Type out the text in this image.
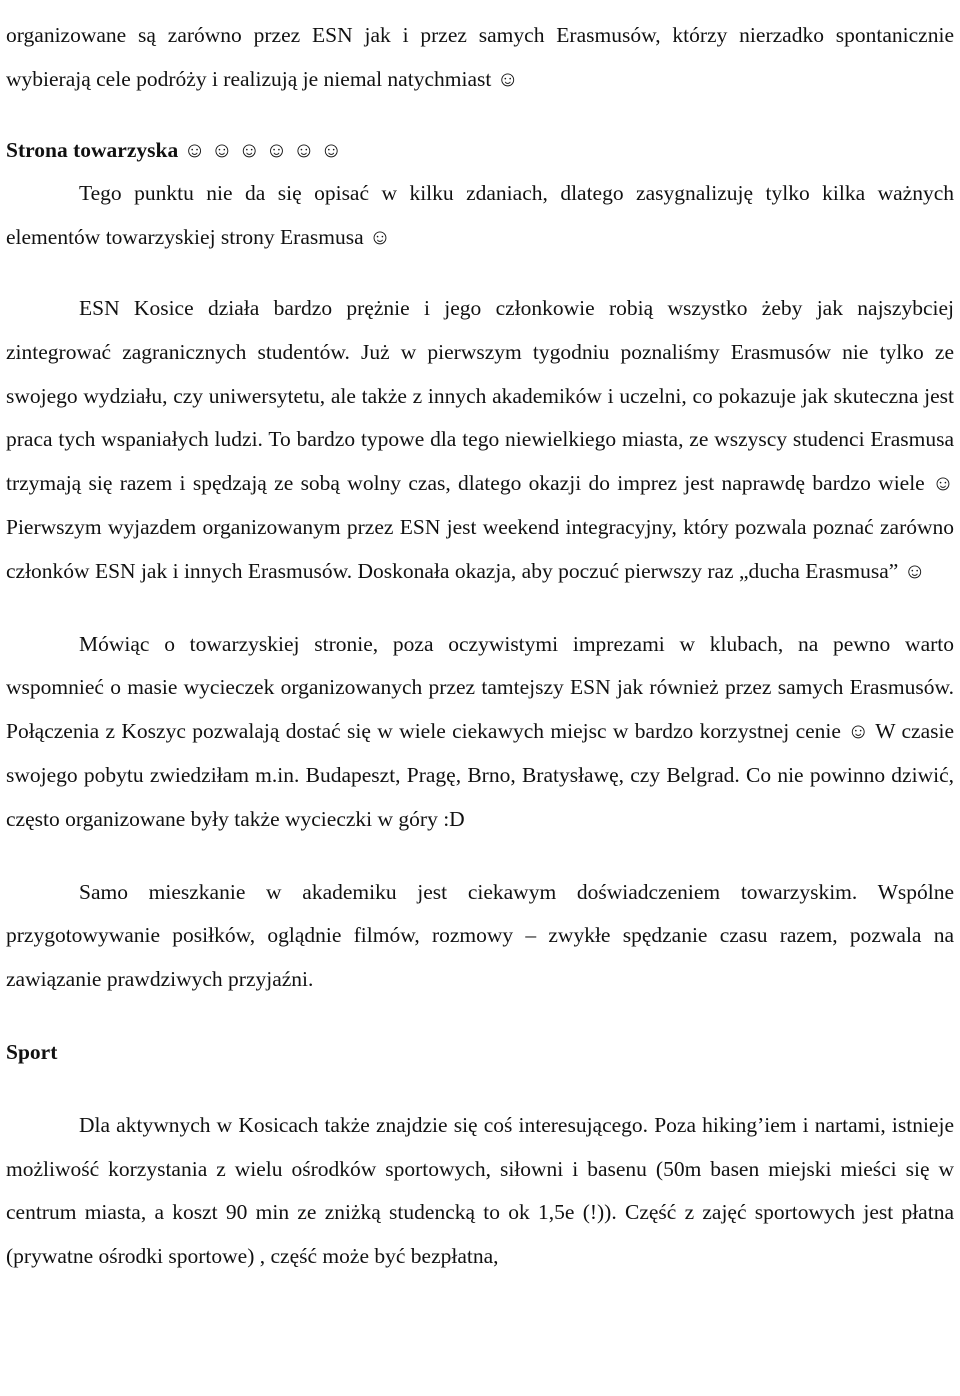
organizowane są zarówno przez ESN jak i przez samych Erasmusów, którzy nierzadko spontanicznie wybierają cele podróży i realizują je niemal natychmiast ☺

Strona towarzyska ☺ ☺ ☺ ☺ ☺ ☺

Tego punktu nie da się opisać w kilku zdaniach, dlatego zasygnalizuję tylko kilka ważnych elementów towarzyskiej strony Erasmusa ☺

ESN Kosice działa bardzo prężnie i jego członkowie robią wszystko żeby jak najszybciej zintegrować zagranicznych studentów. Już w pierwszym tygodniu poznaliśmy Erasmusów nie tylko ze swojego wydziału, czy uniwersytetu, ale także z innych akademików i uczelni, co pokazuje jak skuteczna jest praca tych wspaniałych ludzi. To bardzo typowe dla tego niewielkiego miasta, ze wszyscy studenci Erasmusa trzymają się razem i spędzają ze sobą wolny czas, dlatego okazji do imprez jest naprawdę bardzo wiele ☺ Pierwszym wyjazdem organizowanym przez ESN jest weekend integracyjny, który pozwala poznać zarówno członków ESN jak i innych Erasmusów. Doskonała okazja, aby poczuć pierwszy raz „ducha Erasmusa” ☺

Mówiąc o towarzyskiej stronie, poza oczywistymi imprezami w klubach, na pewno warto wspomnieć o masie wycieczek organizowanych przez tamtejszy ESN jak również przez samych Erasmusów. Połączenia z Koszyc pozwalają dostać się w wiele ciekawych miejsc w bardzo korzystnej cenie ☺ W czasie swojego pobytu zwiedziłam m.in. Budapeszt, Pragę, Brno, Bratysławę, czy Belgrad. Co nie powinno dziwić, często organizowane były także wycieczki w góry :D

Samo mieszkanie w akademiku jest ciekawym doświadczeniem towarzyskim. Wspólne przygotowywanie posiłków, oglądnie filmów, rozmowy – zwykłe spędzanie czasu razem, pozwala na zawiązanie prawdziwych przyjaźni.

Sport

Dla aktywnych w Kosicach także znajdzie się coś interesującego. Poza hiking’iem i nartami, istnieje możliwość korzystania z wielu ośrodków sportowych, siłowni i basenu (50m basen miejski mieści się w centrum miasta, a koszt 90 min ze zniżką studencką to ok 1,5e (!)). Część z zajęć sportowych jest płatna (prywatne ośrodki sportowe) , część może być bezpłatna,
